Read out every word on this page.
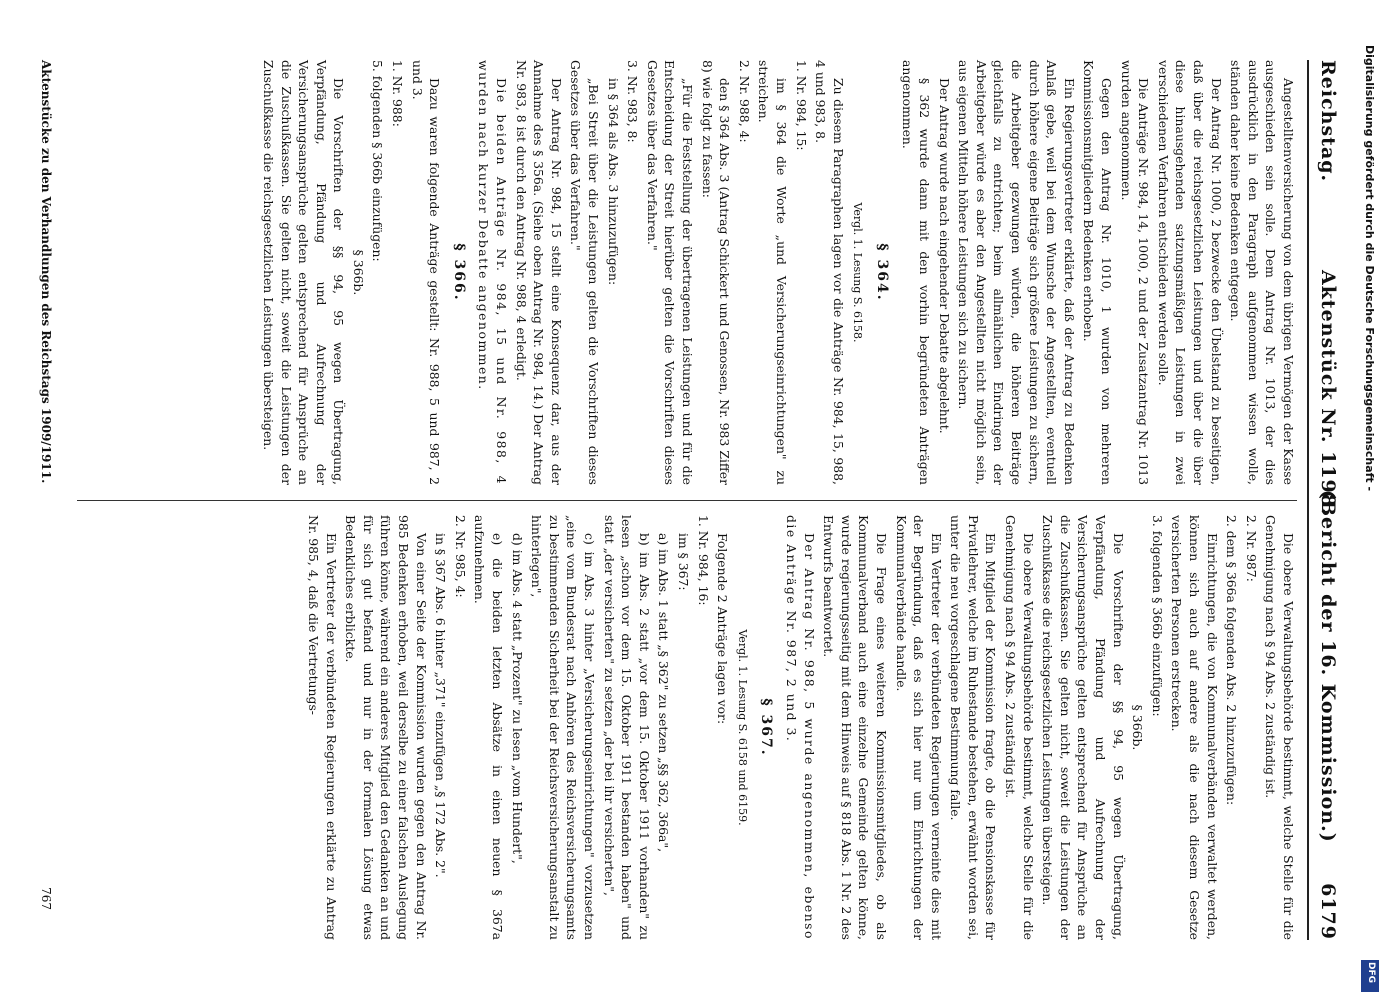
Reichstag.
Aktenstück Nr. 1198.
(Bericht der 16. Kommission.)
6179

Angestelltenversicherung von dem übrigen Vermögen der Kasse ausgeschieden sein solle. Dem Antrag Nr. 1013, der dies ausdrücklich in den Paragraph aufgenommen wissen wolle, ständen daher keine Bedenken entgegen.

Der Antrag Nr. 1000, 2 bezwecke den Übelstand zu beseitigen, daß über die reichsgesetzlichen Leistungen und über die über diese hinausgehenden satzungsmäßigen Leistungen in zwei verschiedenen Verfahren entschieden werden solle.

Die Anträge Nr. 984, 14, 1000, 2 und der Zusatzantrag Nr. 1013 wurden angenommen.

Gegen den Antrag Nr. 1010, 1 wurden von mehreren Kommissionsmitgliedern Bedenken erhoben.

Ein Regierungsvertreter erklärte, daß der Antrag zu Bedenken Anlaß gebe, weil bei dem Wunsche der Angestellten, eventuell durch höhere eigene Beiträge sich größere Leistungen zu sichern, die Arbeitgeber gezwungen würden, die höheren Beiträge gleichfalls zu entrichten; beim allmählichen Eindringen der Arbeitgeber würde es aber den Angestellten nicht möglich sein, aus eigenen Mitteln höhere Leistungen sich zu sichern.

Der Antrag wurde nach eingehender Debatte abgelehnt.

§ 362 wurde dann mit den vorhin begründeten Anträgen angenommen.

§ 364.

Vergl. 1. Lesung S. 6158.

Zu diesem Paragraphen lagen vor die Anträge Nr. 984, 15, 988, 4 und 983, 8.

1. Nr. 984, 15:

im § 364 die Worte „und Versicherungseinrichtungen" zu streichen.

2. Nr. 988, 4:

den § 364 Abs. 3 (Antrag Schickert und Genossen, Nr. 983 Ziffer 8) wie folgt zu fassen:

„Für die Feststellung der übertragenen Leistungen und für die Entscheidung der Streit hierüber gelten die Vorschriften dieses Gesetzes über das Verfahren."

3. Nr. 983, 8:

in § 364 als Abs. 3 hinzuzufügen:

„Bei Streit über die Leistungen gelten die Vorschriften dieses Gesetzes über das Verfahren."

Der Antrag Nr. 984, 15 stellt eine Konsequenz dar, aus der Annahme des § 356a. (Siehe oben Antrag Nr. 984, 14.) Der Antrag Nr. 983, 8 ist durch den Antrag Nr. 988, 4 erledigt.

Die beiden Anträge Nr. 984, 15 und Nr. 988, 4 wurden nach kurzer Debatte angenommen.

§ 366.

Dazu waren folgende Anträge gestellt: Nr. 988, 5 und 987, 2 und 3.

1. Nr. 988:

5. folgenden § 366b einzufügen:

§ 366b.

Die Vorschriften der §§ 94, 95 wegen Übertragung, Verpfändung, Pfändung und Aufrechnung der Versicherungsansprüche gelten entsprechend für Ansprüche an die Zuschußkassen. Sie gelten nicht, soweit die Leistungen der Zuschußkasse die reichsgesetzlichen Leistungen übersteigen.

Die obere Verwaltungsbehörde bestimmt, welche Stelle für die Genehmigung nach § 94 Abs. 2 zuständig ist.

2. Nr. 987:

2. dem § 366a folgenden Abs. 2 hinzuzufügen:

Einrichtungen, die von Kommunalverbänden verwaltet werden, können sich auch auf andere als die nach diesem Gesetze versicherten Personen erstrecken.

3. folgenden § 366b einzufügen:

§ 366b.

Die Vorschriften der §§ 94, 95 wegen Übertragung, Verpfändung, Pfändung und Aufrechnung der Versicherungsansprüche gelten entsprechend für Ansprüche an die Zuschußkassen. Sie gelten nicht, soweit die Leistungen der Zuschußkasse die reichsgesetzlichen Leistungen übersteigen.

Die obere Verwaltungsbehörde bestimmt, welche Stelle für die Genehmigung nach § 94 Abs. 2 zuständig ist.

Ein Mitglied der Kommission fragte, ob die Pensionskasse für Privatlehrer, welche im Ruhestande bestehen, erwähnt worden sei, unter die neu vorgeschlagene Bestimmung falle.

Ein Vertreter der verbündeten Regierungen verneinte dies mit der Begründung, daß es sich hier nur um Einrichtungen der Kommunalverbände handle.

Die Frage eines weiteren Kommissionsmitgliedes, ob als Kommunalverband auch eine einzelne Gemeinde gelten könne, wurde regierungsseitig mit dem Hinweis auf § 818 Abs. 1 Nr. 2 des Entwurfs beantwortet.

Der Antrag Nr. 988, 5 wurde angenommen, ebenso die Anträge Nr. 987, 2 und 3.

§ 367.

Vergl. 1. Lesung S. 6158 und 6159.

Folgende 2 Anträge lagen vor:

1. Nr. 984, 16:

im § 367:

a) im Abs. 1 statt „§ 362" zu setzen „§§ 362, 366a",

b) im Abs. 2 statt „vor dem 15. Oktober 1911 vorhanden" zu lesen „schon vor dem 15. Oktober 1911 bestanden haben" und statt „der versicherten" zu setzen „der bei ihr versicherten",

c) im Abs. 3 hinter „Versicherungseinrichtungen" vorzusetzen „eine vom Bundesrat nach Anhören des Reichsversicherungsamts zu bestimmenden Sicherheit bei der Reichsversicherungsanstalt zu hinterlegen",

d) im Abs. 4 statt „Prozent" zu lesen „vom Hundert",

e) die beiden letzten Absätze in einen neuen § 367a aufzunehmen.

2. Nr. 985, 4:

in § 367 Abs. 6 hinter „371" einzufügen „§ 172 Abs. 2".

Von einer Seite der Kommission wurden gegen den Antrag Nr. 985 Bedenken erhoben, weil derselbe zu einer falschen Auslegung führen könne, während ein anderes Mitglied den Gedanken an und für sich gut befand und nur in der formalen Lösung etwas Bedenkliches erblickte.

Ein Vertreter der verbündeten Regierungen erklärte zu Antrag Nr. 985, 4, daß die Vertretungs-

Aktenstücke zu den Verhandlungen des Reichstags 1909/1911.
767
Digitalisierung gefördert durch die Deutsche Forschungsgemeinschaft -
DFG
